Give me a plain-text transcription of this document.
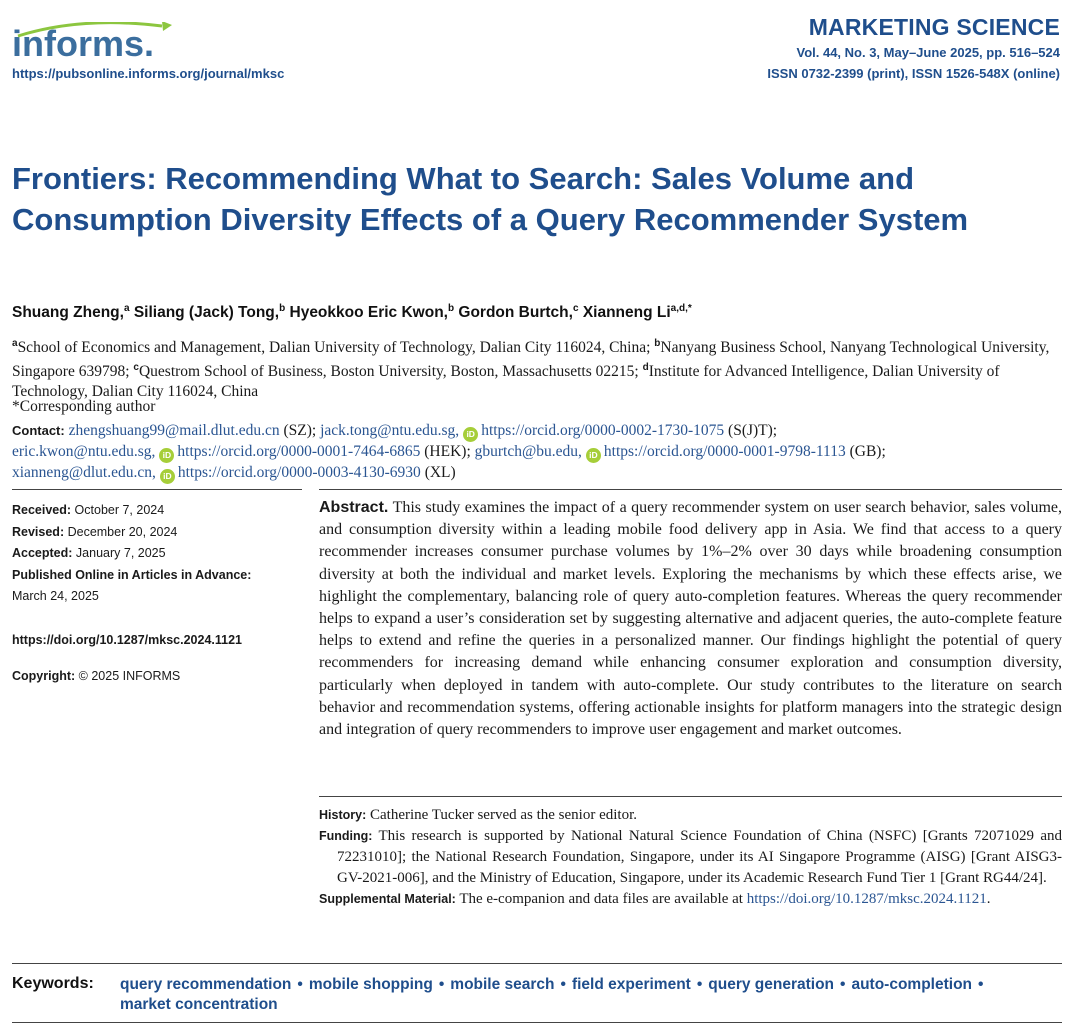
informs.
https://pubsonline.informs.org/journal/mksc
MARKETING SCIENCE
Vol. 44, No. 3, May–June 2025, pp. 516–524
ISSN 0732-2399 (print), ISSN 1526-548X (online)
Frontiers: Recommending What to Search: Sales Volume and Consumption Diversity Effects of a Query Recommender System
Shuang Zheng,$^a$ Siliang (Jack) Tong,$^b$ Hyeokkoo Eric Kwon,$^b$ Gordon Burtch,$^c$ Xianneng $Li^{a,d,*}$
$^a$School of Economics and Management, Dalian University of Technology, Dalian City 116024, China; $^b$Nanyang Business School, Nanyang Technological University, Singapore 639798; $^c$Questrom School of Business, Boston University, Boston, Massachusetts 02215; $^d$Institute for Advanced Intelligence, Dalian University of Technology, Dalian City 116024, China
*Corresponding author
Contact: zhengshuang99@mail.dlut.edu.cn (SZ); jack.tong@ntu.edu.sg, iD https://orcid.org/0000-0002-1730-1075 (S(J)T);
eric.kwon@ntu.edu.sg, iD https://orcid.org/0000-0001-7464-6865 (HEK); gburtch@bu.edu, iD https://orcid.org/0000-0001-9798-1113 (GB);
xianneng@dlut.edu.cn, iD https://orcid.org/0000-0003-4130-6930 (XL)
Received: October 7, 2024
Revised: December 20, 2024
Accepted: January 7, 2025
Published Online in Articles in Advance:
March 24, 2025
https://doi.org/10.1287/mksc.2024.1121
Copyright: © 2025 INFORMS

Abstract. This study examines the impact of a query recommender system on user search behavior, sales volume, and consumption diversity within a leading mobile food delivery app in Asia. We find that access to a query recommender increases consumer purchase volumes by 1%–2% over 30 days while broadening consumption diversity at both the individual and market levels. Exploring the mechanisms by which these effects arise, we highlight the complementary, balancing role of query auto-completion features. Whereas the query recommender helps to expand a user’s consideration set by suggesting alternative and adjacent queries, the auto-complete feature helps to extend and refine the queries in a personalized manner. Our findings highlight the potential of query recommenders for increasing demand while enhancing consumer exploration and consumption diversity, particularly when deployed in tandem with auto-complete. Our study contributes to the literature on search behavior and recommendation systems, offering actionable insights for platform managers into the strategic design and integration of query recommenders to improve user engagement and market outcomes.

History: Catherine Tucker served as the senior editor.
Funding: This research is supported by National Natural Science Foundation of China (NSFC) [Grants 72071029 and 72231010]; the National Research Foundation, Singapore, under its AI Singapore Programme (AISG) [Grant AISG3-GV-2021-006], and the Ministry of Education, Singapore, under its Academic Research Fund Tier 1 [Grant RG44/24].
Supplemental Material: The e-companion and data files are available at https://doi.org/10.1287/mksc.2024.1121.
Keywords: query recommendation • mobile shopping • mobile search • field experiment • query generation • auto-completion •
market concentration
